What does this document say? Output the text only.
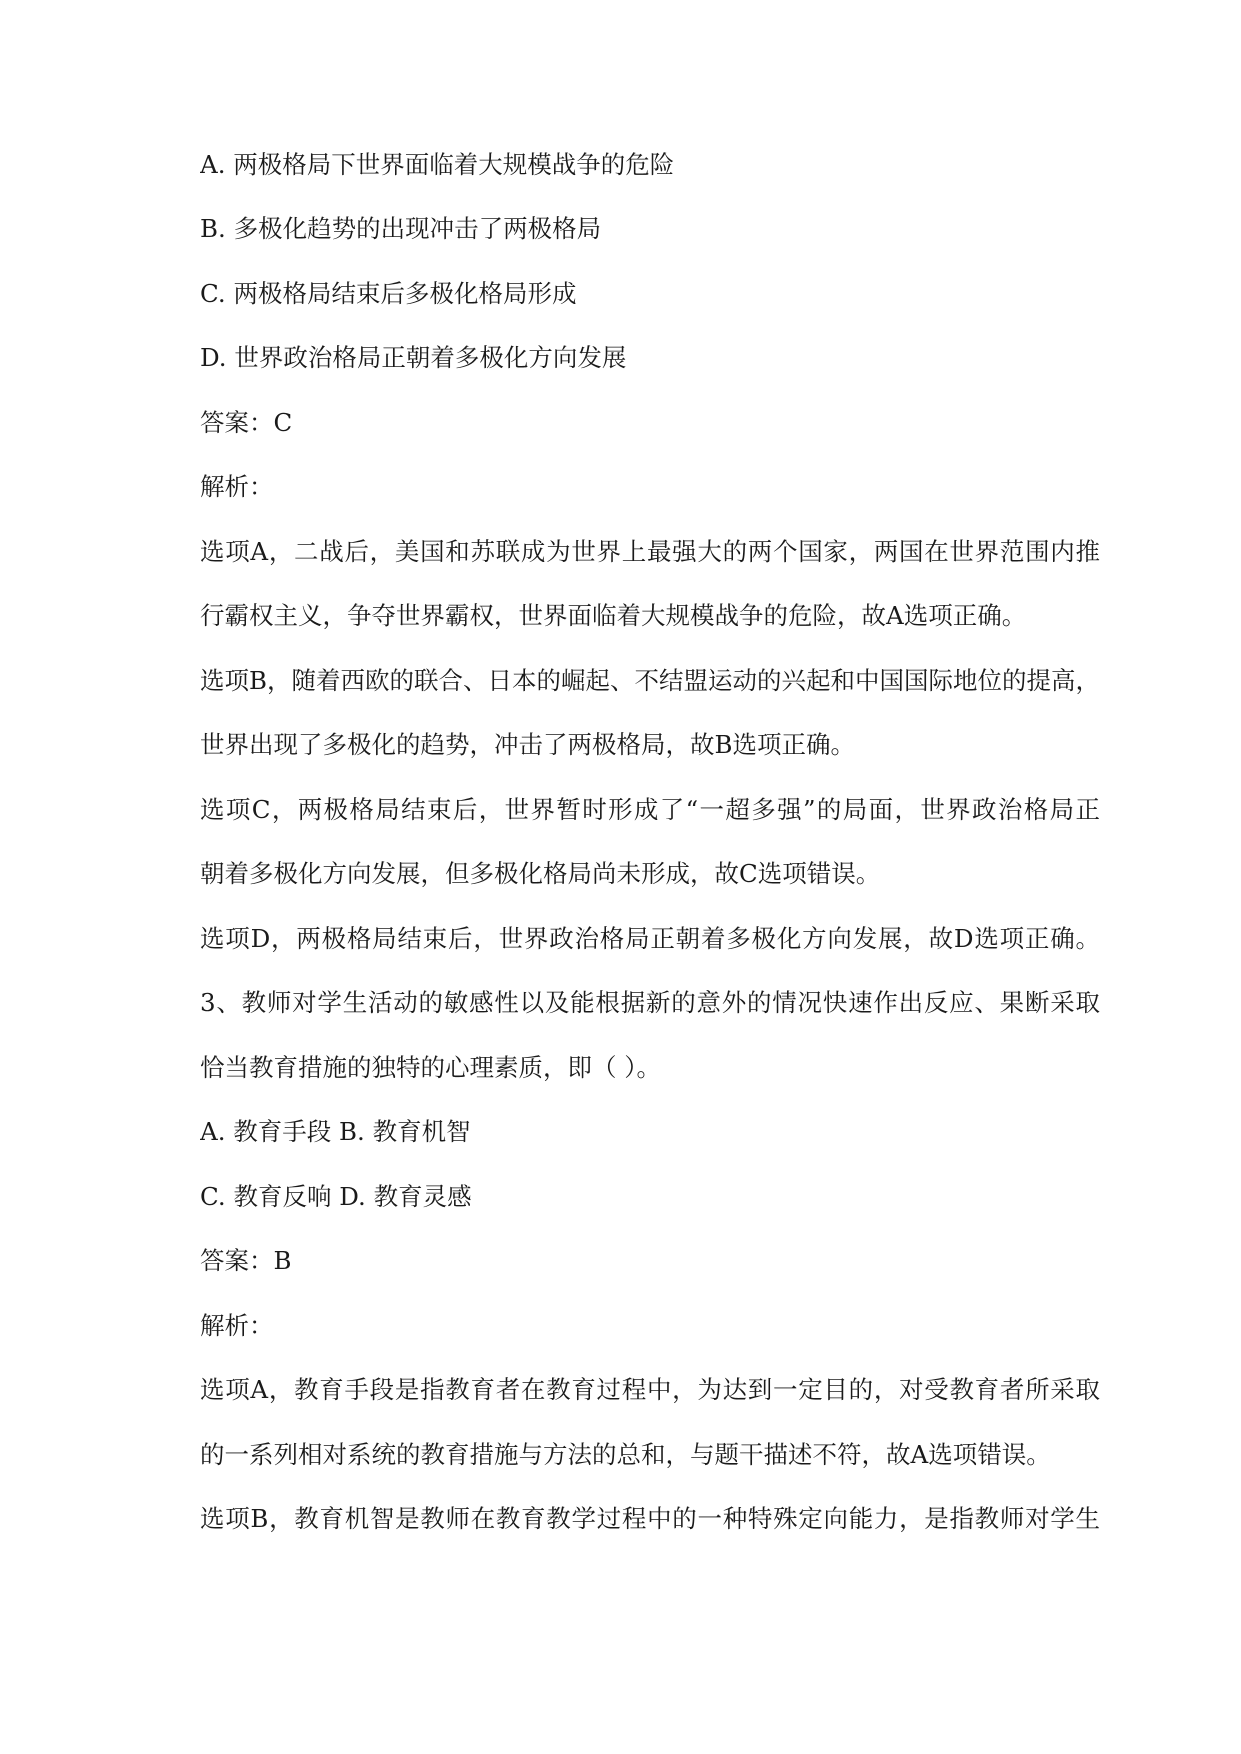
A. 两极格局下世界面临着大规模战争的危险

B. 多极化趋势的出现冲击了两极格局

C. 两极格局结束后多极化格局形成

D. 世界政治格局正朝着多极化方向发展

答案：C

解析：

选项A，二战后，美国和苏联成为世界上最强大的两个国家，两国在世界范围内推

行霸权主义，争夺世界霸权，世界面临着大规模战争的危险，故A选项正确。

选项B，随着西欧的联合、日本的崛起、不结盟运动的兴起和中国国际地位的提高，

世界出现了多极化的趋势，冲击了两极格局，故B选项正确。

选项C，两极格局结束后，世界暂时形成了“一超多强”的局面，世界政治格局正

朝着多极化方向发展，但多极化格局尚未形成，故C选项错误。

选项D，两极格局结束后，世界政治格局正朝着多极化方向发展，故D选项正确。

3、教师对学生活动的敏感性以及能根据新的意外的情况快速作出反应、果断采取

恰当教育措施的独特的心理素质，即（ ）。

A. 教育手段 B. 教育机智

C. 教育反响 D. 教育灵感

答案：B

解析：

选项A，教育手段是指教育者在教育过程中，为达到一定目的，对受教育者所采取

的一系列相对系统的教育措施与方法的总和，与题干描述不符，故A选项错误。

选项B，教育机智是教师在教育教学过程中的一种特殊定向能力，是指教师对学生
